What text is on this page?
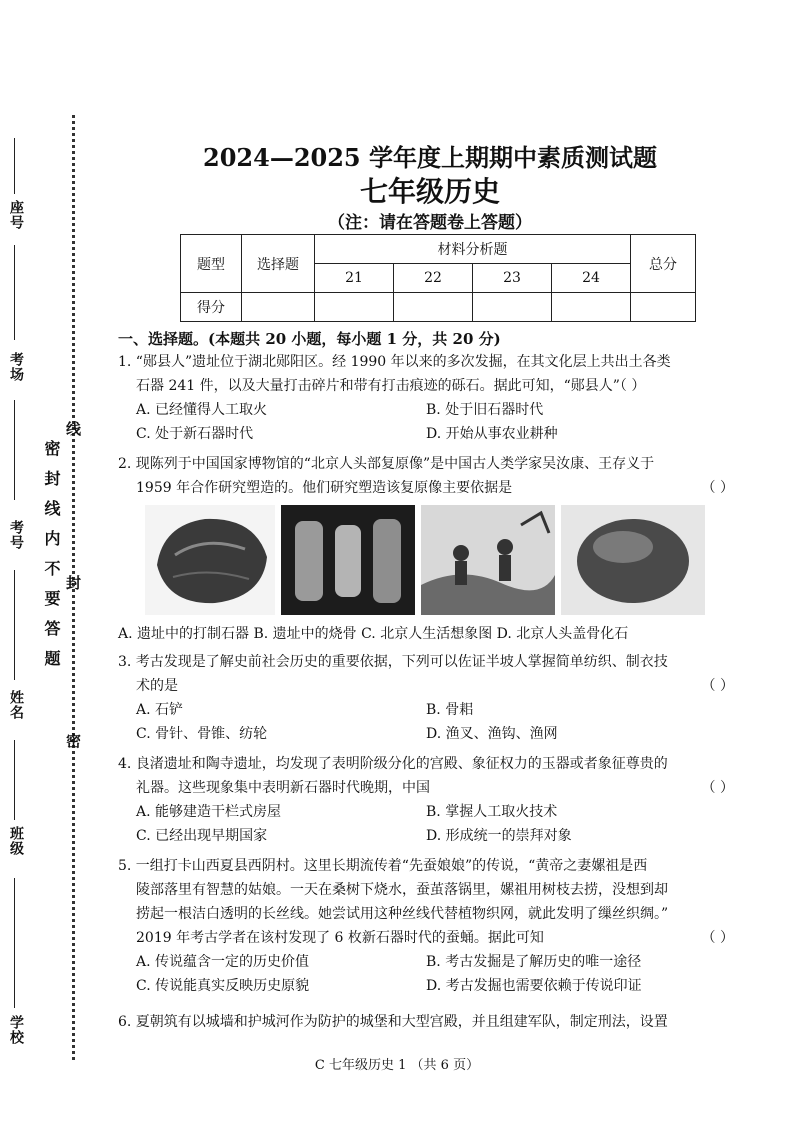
座号
考场
考号
姓名
班级
学校
密封线内不要答题
线
封
密
2024—2025 学年度上期期中素质测试题
七年级历史
（注：请在答题卷上答题）
题型	选择题	材料分析题				总分
		21	22	23	24	
得分						
一、选择题。(本题共 20 小题，每小题 1 分，共 20 分)
1. “郧县人”遗址位于湖北郧阳区。经 1990 年以来的多次发掘，在其文化层上共出土各类
石器 241 件，以及大量打击碎片和带有打击痕迹的砾石。据此可知，“郧县人”（ ）
A. 已经懂得人工取火	B. 处于旧石器时代
C. 处于新石器时代	D. 开始从事农业耕种
2. 现陈列于中国国家博物馆的“北京人头部复原像”是中国古人类学家吴汝康、王存义于
1959 年合作研究塑造的。他们研究塑造该复原像主要依据是	（ ）
A. 遗址中的打制石器 B. 遗址中的烧骨 C. 北京人生活想象图 D. 北京人头盖骨化石
3. 考古发现是了解史前社会历史的重要依据，下列可以佐证半坡人掌握简单纺织、制衣技
术的是	（ ）
A. 石铲	B. 骨耜
C. 骨针、骨锥、纺轮	D. 渔叉、渔钩、渔网
4. 良渚遗址和陶寺遗址，均发现了表明阶级分化的宫殿、象征权力的玉器或者象征尊贵的
礼器。这些现象集中表明新石器时代晚期，中国	（ ）
A. 能够建造干栏式房屋	B. 掌握人工取火技术
C. 已经出现早期国家	D. 形成统一的崇拜对象
5. 一组打卡山西夏县西阴村。这里长期流传着“先蚕娘娘”的传说，“黄帝之妻嫘祖是西
陵部落里有智慧的姑娘。一天在桑树下烧水，蚕茧落锅里，嫘祖用树枝去捞，没想到却
捞起一根洁白透明的长丝线。她尝试用这种丝线代替植物织网，就此发明了缫丝织绸。”
2019 年考古学者在该村发现了 6 枚新石器时代的蚕蛹。据此可知	（ ）
A. 传说蕴含一定的历史价值	B. 考古发掘是了解历史的唯一途径
C. 传说能真实反映历史原貌	D. 考古发掘也需要依赖于传说印证
6. 夏朝筑有以城墙和护城河作为防护的城堡和大型宫殿，并且组建军队，制定刑法，设置
C 七年级历史 1 （共 6 页）
